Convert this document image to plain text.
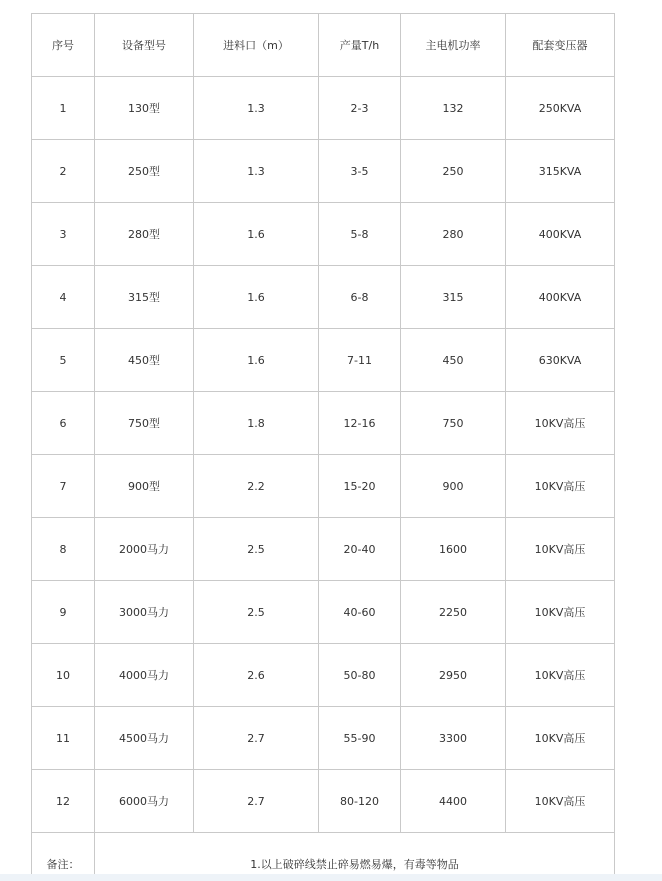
序号	设备型号	进料口（m）	产量T/h	主电机功率	配套变压器
1	130型	1.3	2-3	132	250KVA
2	250型	1.3	3-5	250	315KVA
3	280型	1.6	5-8	280	400KVA
4	315型	1.6	6-8	315	400KVA
5	450型	1.6	7-11	450	630KVA
6	750型	1.8	12-16	750	10KV高压
7	900型	2.2	15-20	900	10KV高压
8	2000马力	2.5	20-40	1600	10KV高压
9	3000马力	2.5	40-60	2250	10KV高压
10	4000马力	2.6	50-80	2950	10KV高压
11	4500马力	2.7	55-90	3300	10KV高压
12	6000马力	2.7	80-120	4400	10KV高压
备注：	1.以上破碎线禁止碎易燃易爆，有毒等物品				
